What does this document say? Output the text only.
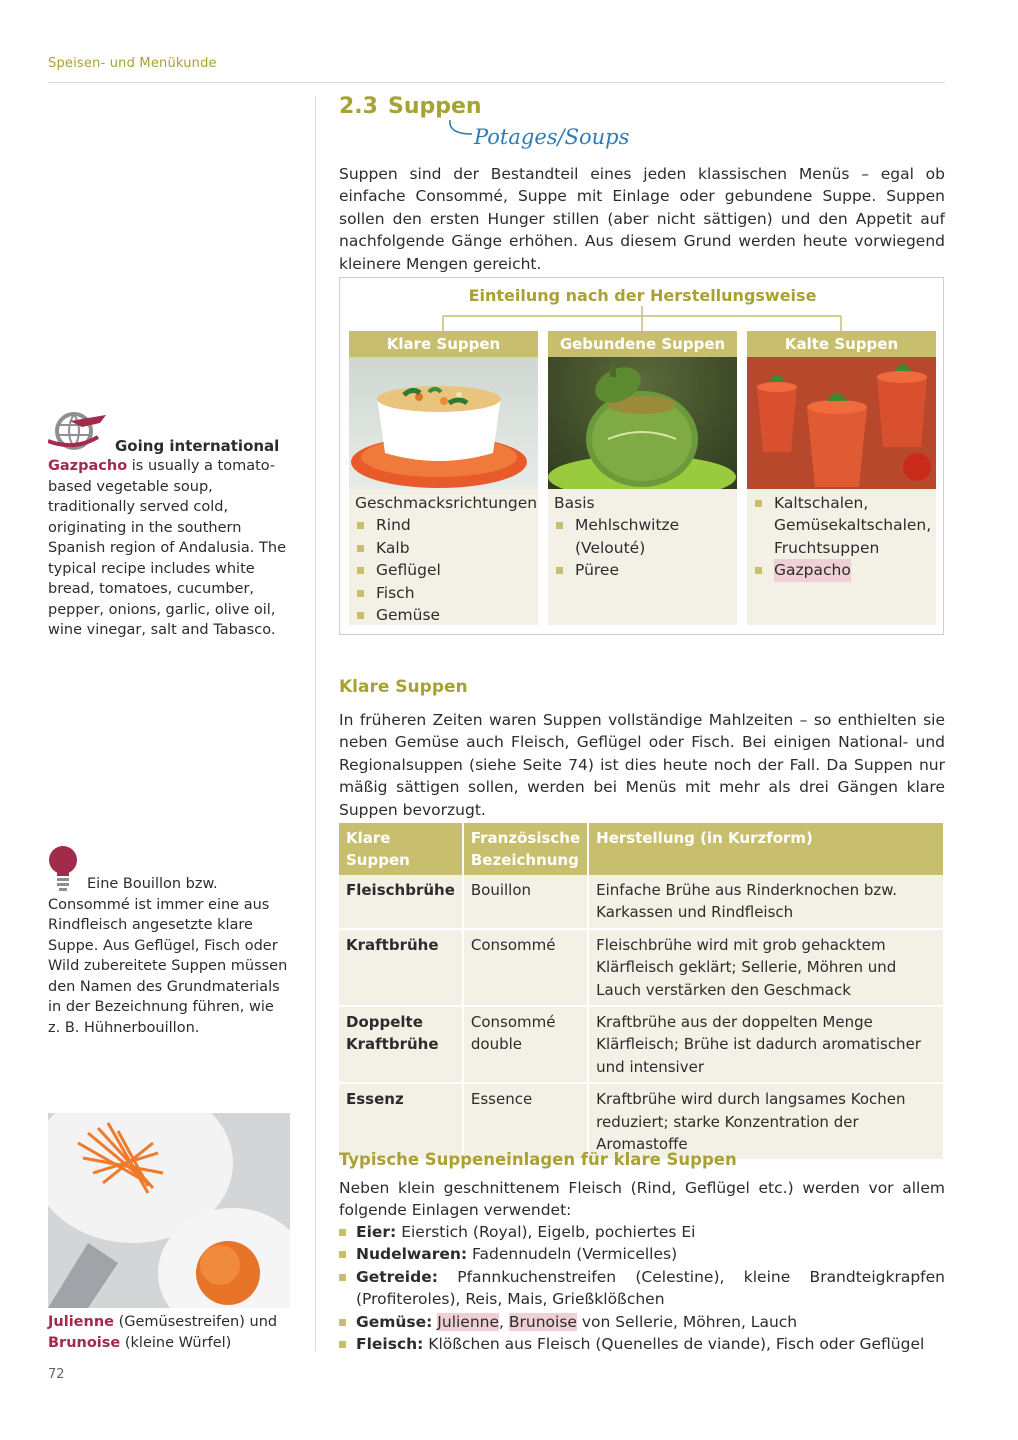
Speisen- und Menükunde
2.3 Suppen
Potages/Soups
Suppen sind der Bestandteil eines jeden klassischen Menüs – egal ob einfache Consommé, Suppe mit Einlage oder gebundene Suppe. Suppen sollen den ersten Hunger stillen (aber nicht sättigen) und den Appetit auf nachfolgende Gänge erhöhen. Aus diesem Grund werden heute vorwiegend kleinere Mengen gereicht.
Einteilung nach der Herstellungsweise
Klare Suppen
Geschmacksrichtungen
Rind
Kalb
Geflügel
Fisch
Gemüse
Gebundene Suppen
Basis
Mehlschwitze (Velouté)
Püree
Kalte Suppen
Kaltschalen, Gemüsekaltschalen, Fruchtsuppen
Gazpacho
Going international
Gazpacho is usually a tomato-based vegetable soup, traditionally served cold, originating in the southern Spanish region of Andalusia. The typical recipe includes white bread, tomatoes, cucumber, pepper, onions, garlic, olive oil, wine vinegar, salt and Tabasco.
Eine Bouillon bzw. Consommé ist immer eine aus Rindfleisch angesetzte klare Suppe. Aus Geflügel, Fisch oder Wild zubereitete Suppen müssen den Namen des Grundmaterials in der Bezeichnung führen, wie z. B. Hühnerbouillon.
Julienne (Gemüsestreifen) und Brunoise (kleine Würfel)
Klare Suppen
In früheren Zeiten waren Suppen vollständige Mahlzeiten – so enthielten sie neben Gemüse auch Fleisch, Geflügel oder Fisch. Bei einigen National- und Regionalsuppen (siehe Seite 74) ist dies heute noch der Fall. Da Suppen nur mäßig sättigen sollen, werden bei Menüs mit mehr als drei Gängen klare Suppen bevorzugt.
Klare Suppen	Französische Bezeichnung	Herstellung (in Kurzform)
Fleischbrühe	Bouillon	Einfache Brühe aus Rinderknochen bzw. Karkassen und Rindfleisch
Kraftbrühe	Consommé	Fleischbrühe wird mit grob gehacktem Klärfleisch geklärt; Sellerie, Möhren und Lauch verstärken den Geschmack
Doppelte Kraftbrühe	Consommé double	Kraftbrühe aus der doppelten Menge Klärfleisch; Brühe ist dadurch aromatischer und intensiver
Essenz	Essence	Kraftbrühe wird durch langsames Kochen reduziert; starke Konzentration der Aromastoffe
Typische Suppeneinlagen für klare Suppen
Neben klein geschnittenem Fleisch (Rind, Geflügel etc.) werden vor allem folgende Einlagen verwendet:
Eier: Eierstich (Royal), Eigelb, pochiertes Ei
Nudelwaren: Fadennudeln (Vermicelles)
Getreide: Pfannkuchenstreifen (Celestine), kleine Brandteigkrapfen (Profiteroles), Reis, Mais, Grießklößchen
Gemüse: Julienne, Brunoise von Sellerie, Möhren, Lauch
Fleisch: Klößchen aus Fleisch (Quenelles de viande), Fisch oder Geflügel
72
